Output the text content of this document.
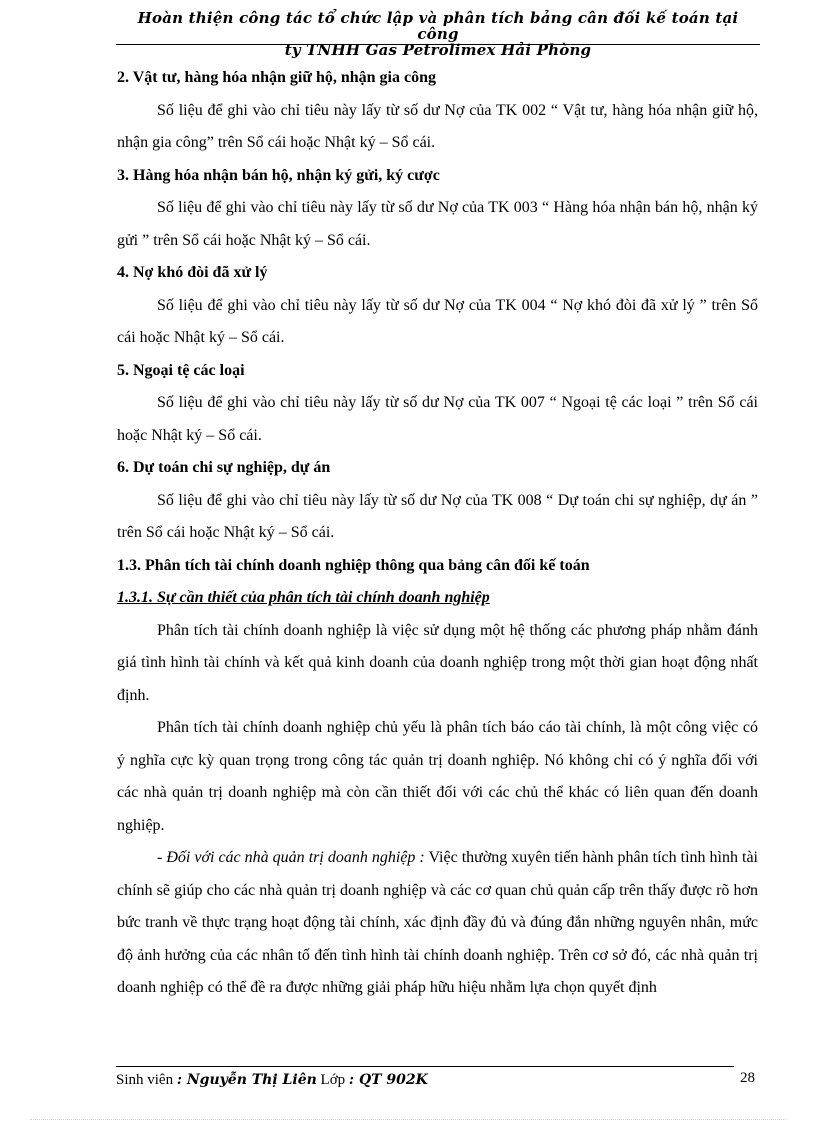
Hoàn thiện công tác tổ chức lập và phân tích bảng cân đối kế toán tại công
ty TNHH Gas Petrolimex Hải Phòng

2. Vật tư, hàng hóa nhận giữ hộ, nhận gia công

Số liệu để ghi vào chỉ tiêu này lấy từ số dư Nợ của TK 002 “ Vật tư, hàng hóa nhận giữ hộ, nhận gia công” trên Sổ cái hoặc Nhật ký – Sổ cái.

3. Hàng hóa nhận bán hộ, nhận ký gửi, ký cược

Số liệu để ghi vào chỉ tiêu này lấy từ số dư Nợ của TK 003 “ Hàng hóa nhận bán hộ, nhận ký gửi ” trên Sổ cái hoặc Nhật ký – Sổ cái.

4. Nợ khó đòi đã xử lý

Số liệu để ghi vào chỉ tiêu này lấy từ số dư Nợ của TK 004 “ Nợ khó đòi đã xử lý ” trên Sổ cái hoặc Nhật ký – Sổ cái.

5. Ngoại tệ các loại

Số liệu để ghi vào chỉ tiêu này lấy từ số dư Nợ của TK 007 “ Ngoại tệ các loại ” trên Sổ cái hoặc Nhật ký – Sổ cái.

6. Dự toán chi sự nghiệp, dự án

Số liệu để ghi vào chỉ tiêu này lấy từ số dư Nợ của TK 008 “ Dự toán chi sự nghiệp, dự án ” trên Sổ cái hoặc Nhật ký – Sổ cái.

1.3. Phân tích tài chính doanh nghiệp thông qua bảng cân đối kế toán

1.3.1. Sự cần thiết của phân tích tài chính doanh nghiệp

Phân tích tài chính doanh nghiệp là việc sử dụng một hệ thống các phương pháp nhằm đánh giá tình hình tài chính và kết quả kinh doanh của doanh nghiệp trong một thời gian hoạt động nhất định.

Phân tích tài chính doanh nghiệp chủ yếu là phân tích báo cáo tài chính, là một công việc có ý nghĩa cực kỳ quan trọng trong công tác quản trị doanh nghiệp. Nó không chỉ có ý nghĩa đối với các nhà quản trị doanh nghiệp mà còn cần thiết đối với các chủ thể khác có liên quan đến doanh nghiệp.

- Đối với các nhà quản trị doanh nghiệp : Việc thường xuyên tiến hành phân tích tình hình tài chính sẽ giúp cho các nhà quản trị doanh nghiệp và các cơ quan chủ quản cấp trên thấy được rõ hơn bức tranh về thực trạng hoạt động tài chính, xác định đầy đủ và đúng đắn những nguyên nhân, mức độ ảnh hưởng của các nhân tố đến tình hình tài chính doanh nghiệp. Trên cơ sở đó, các nhà quản trị doanh nghiệp có thể đề ra được những giải pháp hữu hiệu nhằm lựa chọn quyết định

Sinh viên : Nguyễn Thị Liên Lớp : QT 902K	28
